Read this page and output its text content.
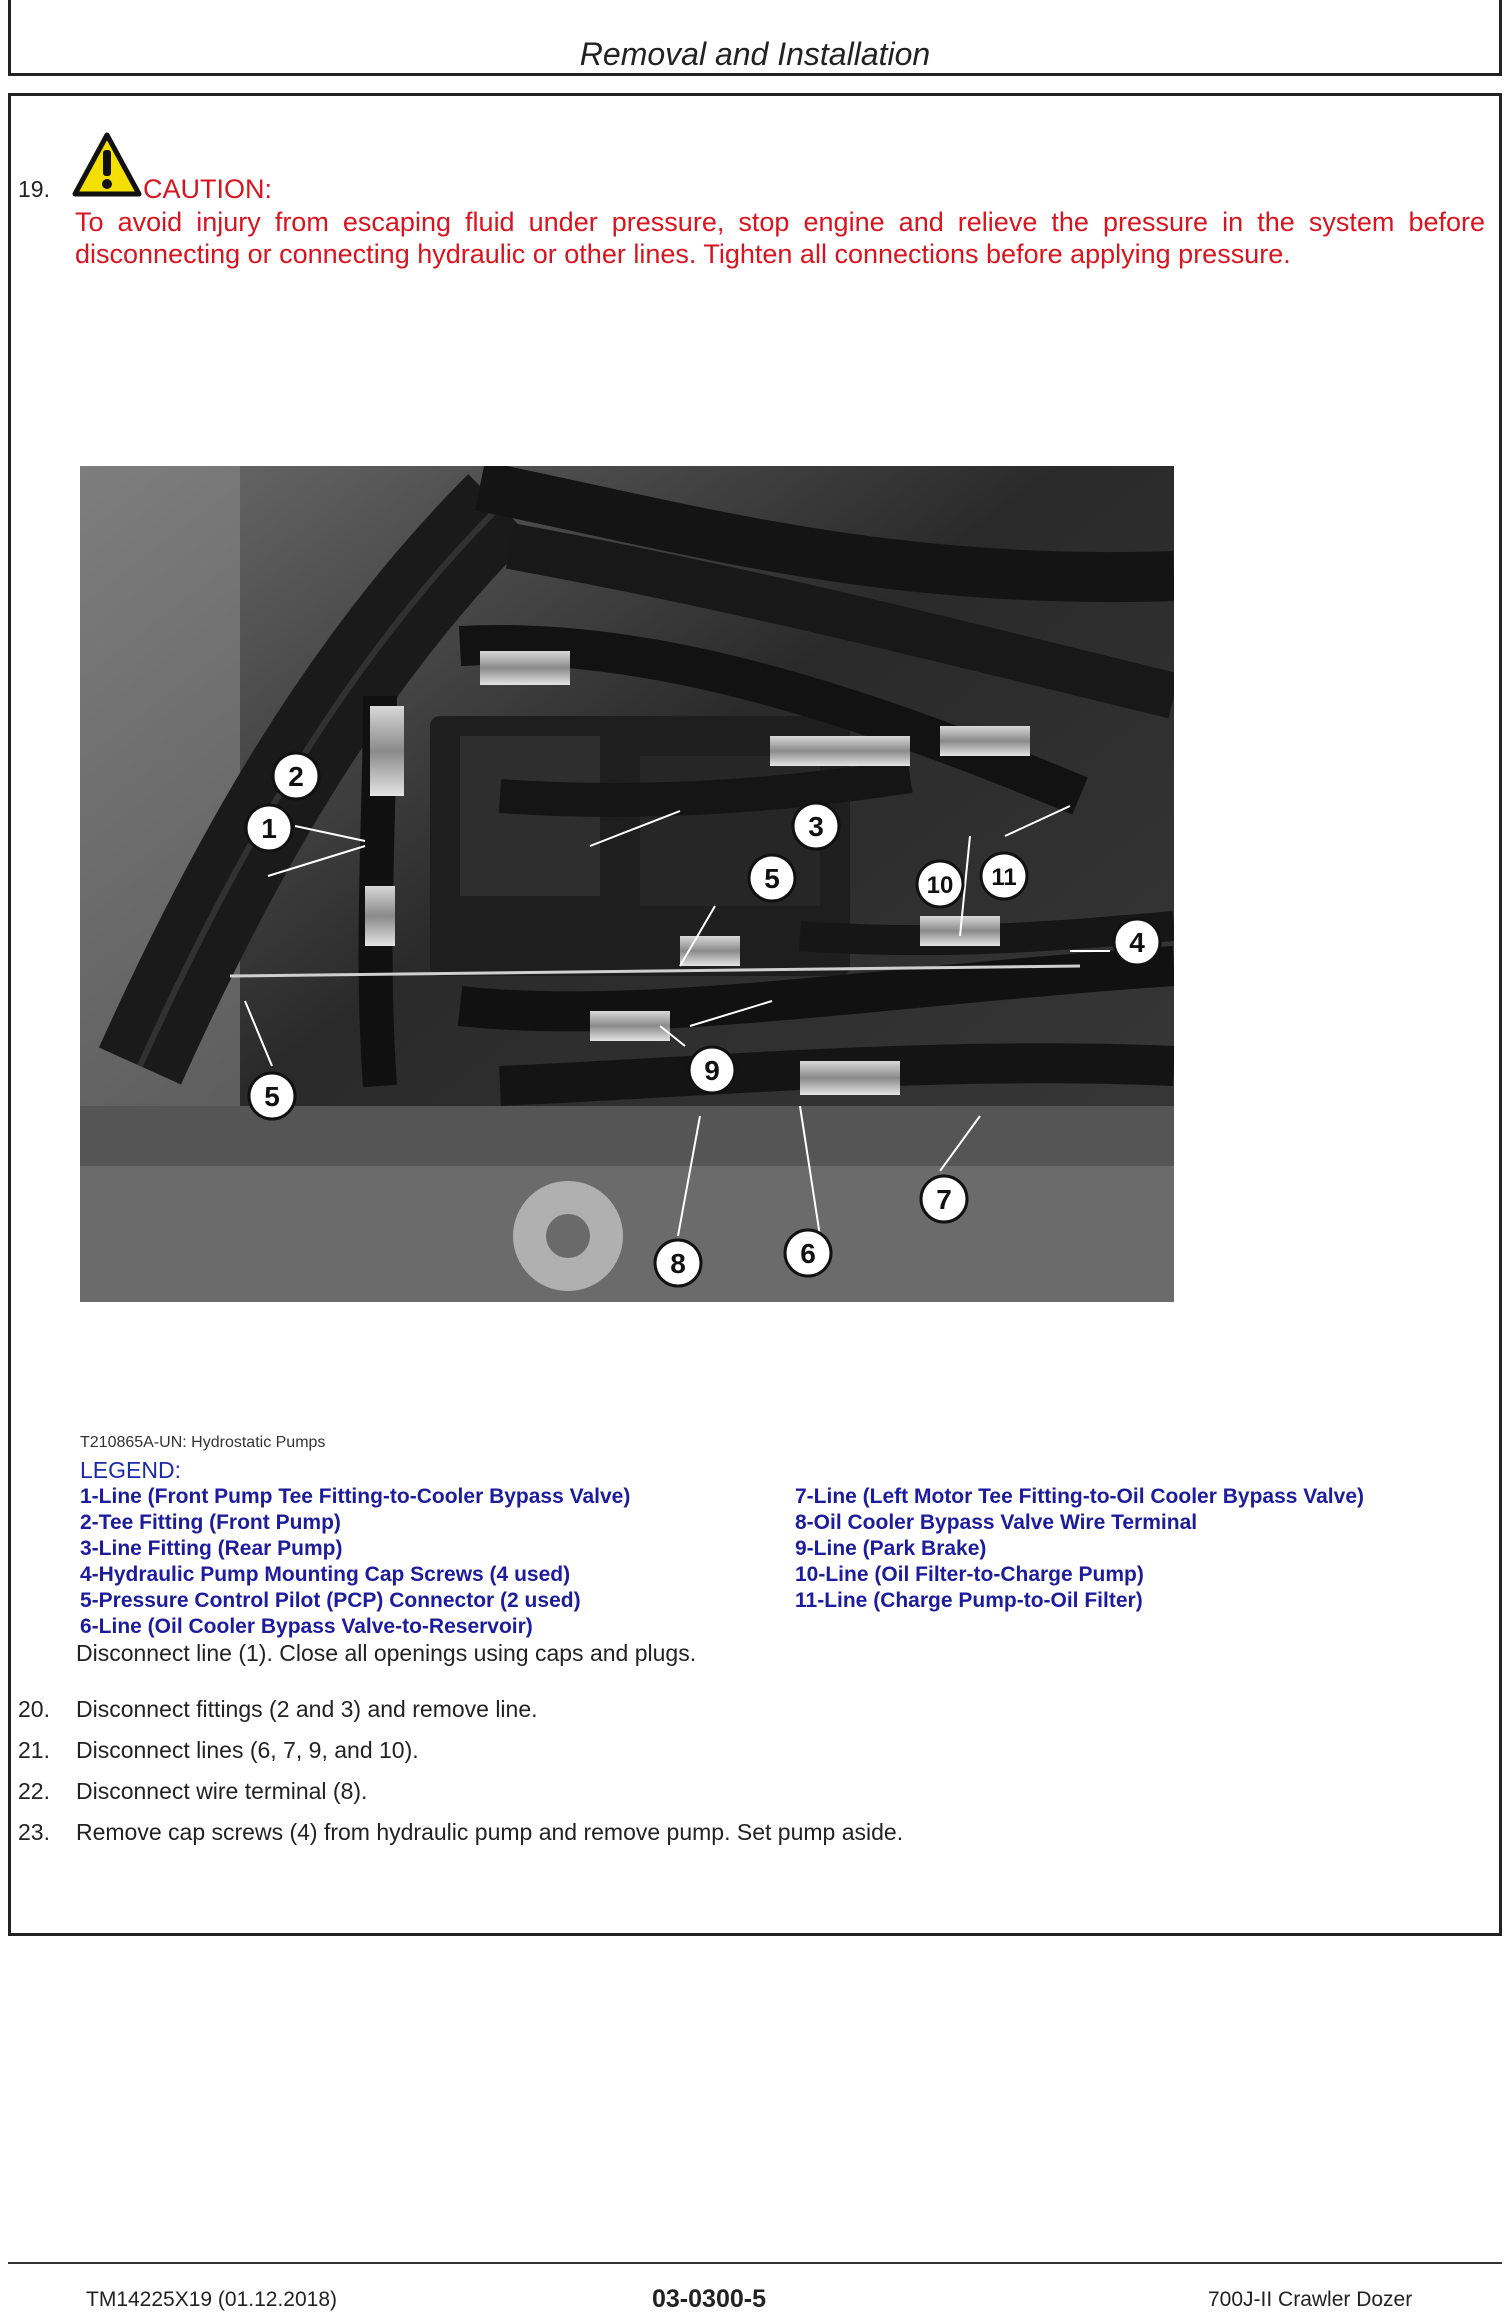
Removal and Installation
19.	CAUTION:
To avoid injury from escaping fluid under pressure, stop engine and relieve the pressure in the system before disconnecting or connecting hydraulic or other lines. Tighten all connections before applying pressure.
1
2
3
4
5
5
6
7
8
9
10 11
T210865A-UN: Hydrostatic Pumps
LEGEND:
1-Line (Front Pump Tee Fitting-to-Cooler Bypass Valve)
2-Tee Fitting (Front Pump)
3-Line Fitting (Rear Pump)
4-Hydraulic Pump Mounting Cap Screws (4 used)
5-Pressure Control Pilot (PCP) Connector (2 used)
6-Line (Oil Cooler Bypass Valve-to-Reservoir)
7-Line (Left Motor Tee Fitting-to-Oil Cooler Bypass Valve)
8-Oil Cooler Bypass Valve Wire Terminal
9-Line (Park Brake)
10-Line (Oil Filter-to-Charge Pump)
11-Line (Charge Pump-to-Oil Filter)
Disconnect line (1). Close all openings using caps and plugs.
20. Disconnect fittings (2 and 3) and remove line.
21. Disconnect lines (6, 7, 9, and 10).
22. Disconnect wire terminal (8).
23. Remove cap screws (4) from hydraulic pump and remove pump. Set pump aside.
TM14225X19 (01.12.2018)	03-0300-5	700J-II Crawler Dozer
